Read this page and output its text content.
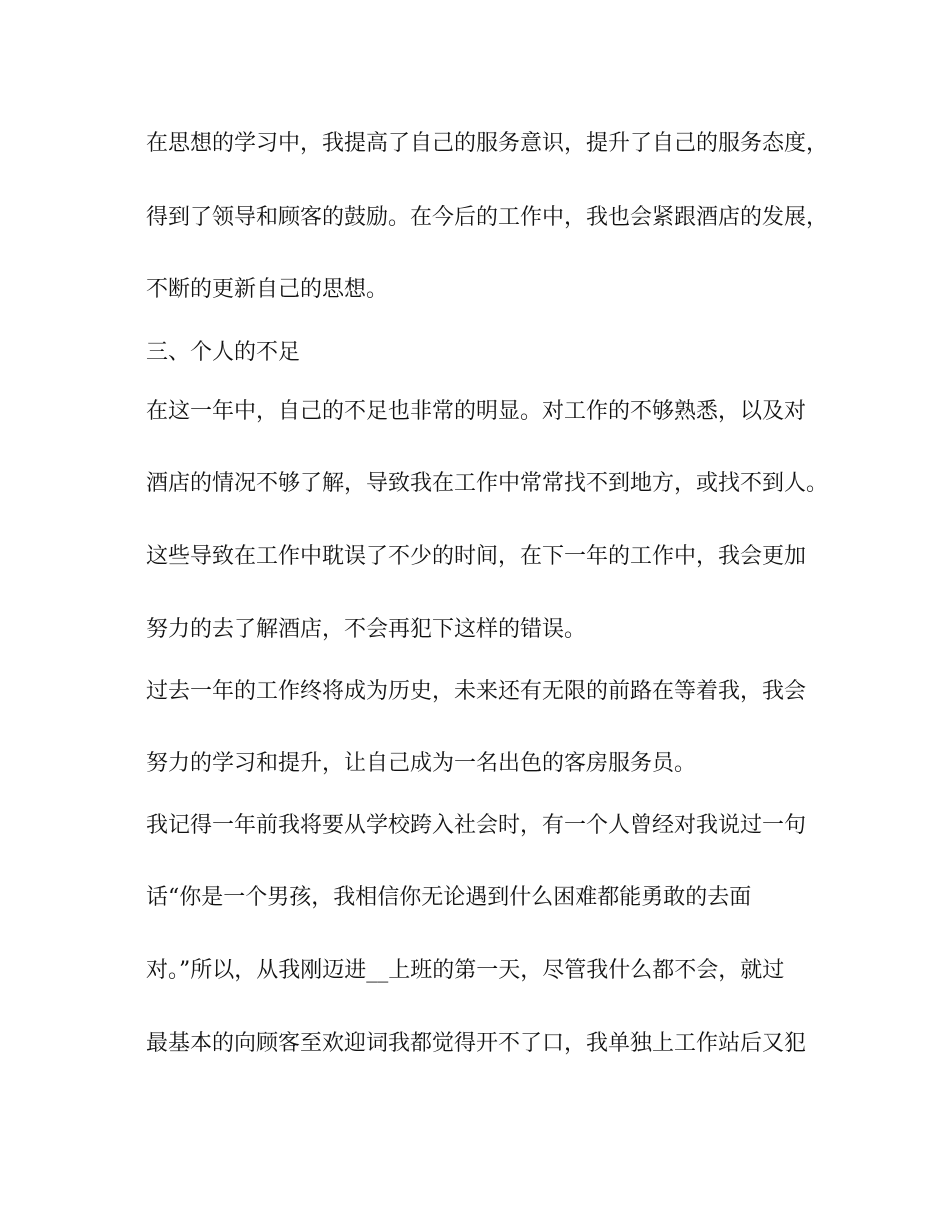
在思想的学习中，我提高了自己的服务意识，提升了自己的服务态度，

得到了领导和顾客的鼓励。在今后的工作中，我也会紧跟酒店的发展，

不断的更新自己的思想。

三、个人的不足

在这一年中，自己的不足也非常的明显。对工作的不够熟悉，以及对

酒店的情况不够了解，导致我在工作中常常找不到地方，或找不到人。

这些导致在工作中耽误了不少的时间，在下一年的工作中，我会更加

努力的去了解酒店，不会再犯下这样的错误。

过去一年的工作终将成为历史，未来还有无限的前路在等着我，我会

努力的学习和提升，让自己成为一名出色的客房服务员。

我记得一年前我将要从学校跨入社会时，有一个人曾经对我说过一句

话“你是一个男孩，我相信你无论遇到什么困难都能勇敢的去面

对。”所以，从我刚迈进__上班的第一天，尽管我什么都不会，就过

最基本的向顾客至欢迎词我都觉得开不了口，我单独上工作站后又犯
